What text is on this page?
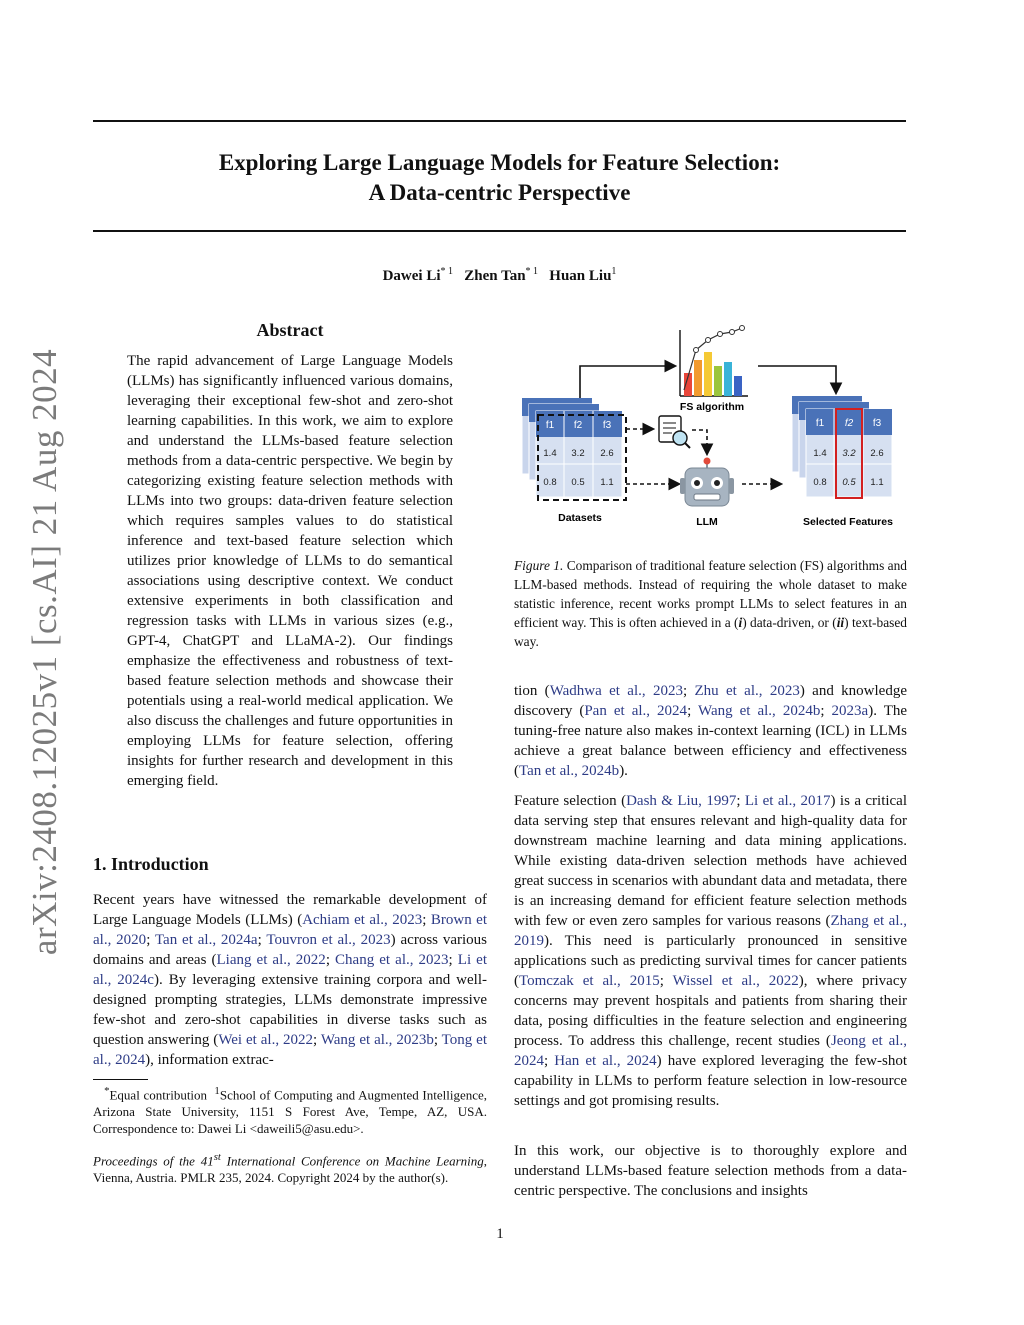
arXiv:2408.12025v1 [cs.AI] 21 Aug 2024
Exploring Large Language Models for Feature Selection:
A Data-centric Perspective
Dawei Li$^{* 1}$ Zhen Tan$^{* 1}$ Huan Liu$^1$
Abstract
The rapid advancement of Large Language Models (LLMs) has significantly influenced various domains, leveraging their exceptional few-shot and zero-shot learning capabilities. In this work, we aim to explore and understand the LLMs-based feature selection methods from a data-centric perspective. We begin by categorizing existing feature selection methods with LLMs into two groups: data-driven feature selection which requires samples values to do statistical inference and text-based feature selection which utilizes prior knowledge of LLMs to do semantical associations using descriptive context. We conduct extensive experiments in both classification and regression tasks with LLMs in various sizes (e.g., GPT-4, ChatGPT and LLaMA-2). Our findings emphasize the effectiveness and robustness of text-based feature selection methods and showcase their potentials using a real-world medical application. We also discuss the challenges and future opportunities in employing LLMs for feature selection, offering insights for further research and development in this emerging field.
1. Introduction
Recent years have witnessed the remarkable development of Large Language Models (LLMs) (Achiam et al., 2023; Brown et al., 2020; Tan et al., 2024a; Touvron et al., 2023) across various domains and areas (Liang et al., 2022; Chang et al., 2023; Li et al., 2024c). By leveraging extensive training corpora and well-designed prompting strategies, LLMs demonstrate impressive few-shot and zero-shot capabilities in diverse tasks such as question answering (Wei et al., 2022; Wang et al., 2023b; Tong et al., 2024), information extrac-
*Equal contribution $^1$School of Computing and Augmented Intelligence, Arizona State University, 1151 S Forest Ave, Tempe, AZ, USA. Correspondence to: Dawei Li <daweili5@asu.edu>.
Proceedings of the 41st International Conference on Machine Learning, Vienna, Austria. PMLR 235, 2024. Copyright 2024 by the author(s).
f1 f2 f3
1.4 3.2 2.6
0.8 0.5 1.1
Datasets
FS algorithm
LLM
f1 f2 f3
1.4 3.2 2.6
0.8 0.5 1.1
Selected Features
Figure 1. Comparison of traditional feature selection (FS) algorithms and LLM-based methods. Instead of requiring the whole dataset to make statistic inference, recent works prompt LLMs to select features in an efficient way. This is often achieved in a (i) data-driven, or (ii) text-based way.
tion (Wadhwa et al., 2023; Zhu et al., 2023) and knowledge discovery (Pan et al., 2024; Wang et al., 2024b; 2023a). The tuning-free nature also makes in-context learning (ICL) in LLMs achieve a great balance between efficiency and effectiveness (Tan et al., 2024b).
Feature selection (Dash & Liu, 1997; Li et al., 2017) is a critical data serving step that ensures relevant and high-quality data for downstream machine learning and data mining applications. While existing data-driven selection methods have achieved great success in scenarios with abundant data and metadata, there is an increasing demand for efficient feature selection methods with few or even zero samples for various reasons (Zhang et al., 2019). This need is particularly pronounced in sensitive applications such as predicting survival times for cancer patients (Tomczak et al., 2015; Wissel et al., 2022), where privacy concerns may prevent hospitals and patients from sharing their data, posing difficulties in the feature selection and engineering process. To address this challenge, recent studies (Jeong et al., 2024; Han et al., 2024) have explored leveraging the few-shot capability in LLMs to perform feature selection in low-resource settings and got promising results.
In this work, our objective is to thoroughly explore and understand LLMs-based feature selection methods from a data-centric perspective. The conclusions and insights
1
